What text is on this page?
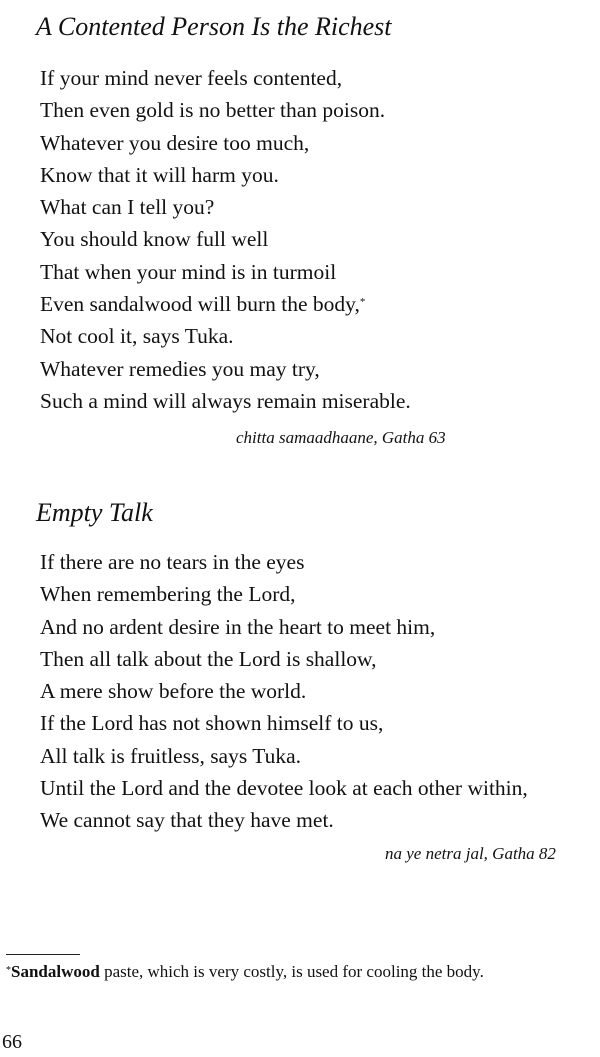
A Contented Person Is the Richest
If your mind never feels contented,
Then even gold is no better than poison.
Whatever you desire too much,
Know that it will harm you.
What can I tell you?
You should know full well
That when your mind is in turmoil
Even sandalwood will burn the body,*
Not cool it, says Tuka.
Whatever remedies you may try,
Such a mind will always remain miserable.
chitta samaadhaane, Gatha 63
Empty Talk
If there are no tears in the eyes
When remembering the Lord,
And no ardent desire in the heart to meet him,
Then all talk about the Lord is shallow,
A mere show before the world.
If the Lord has not shown himself to us,
All talk is fruitless, says Tuka.
Until the Lord and the devotee look at each other within,
We cannot say that they have met.
na ye netra jal, Gatha 82
*Sandalwood paste, which is very costly, is used for cooling the body.
66
